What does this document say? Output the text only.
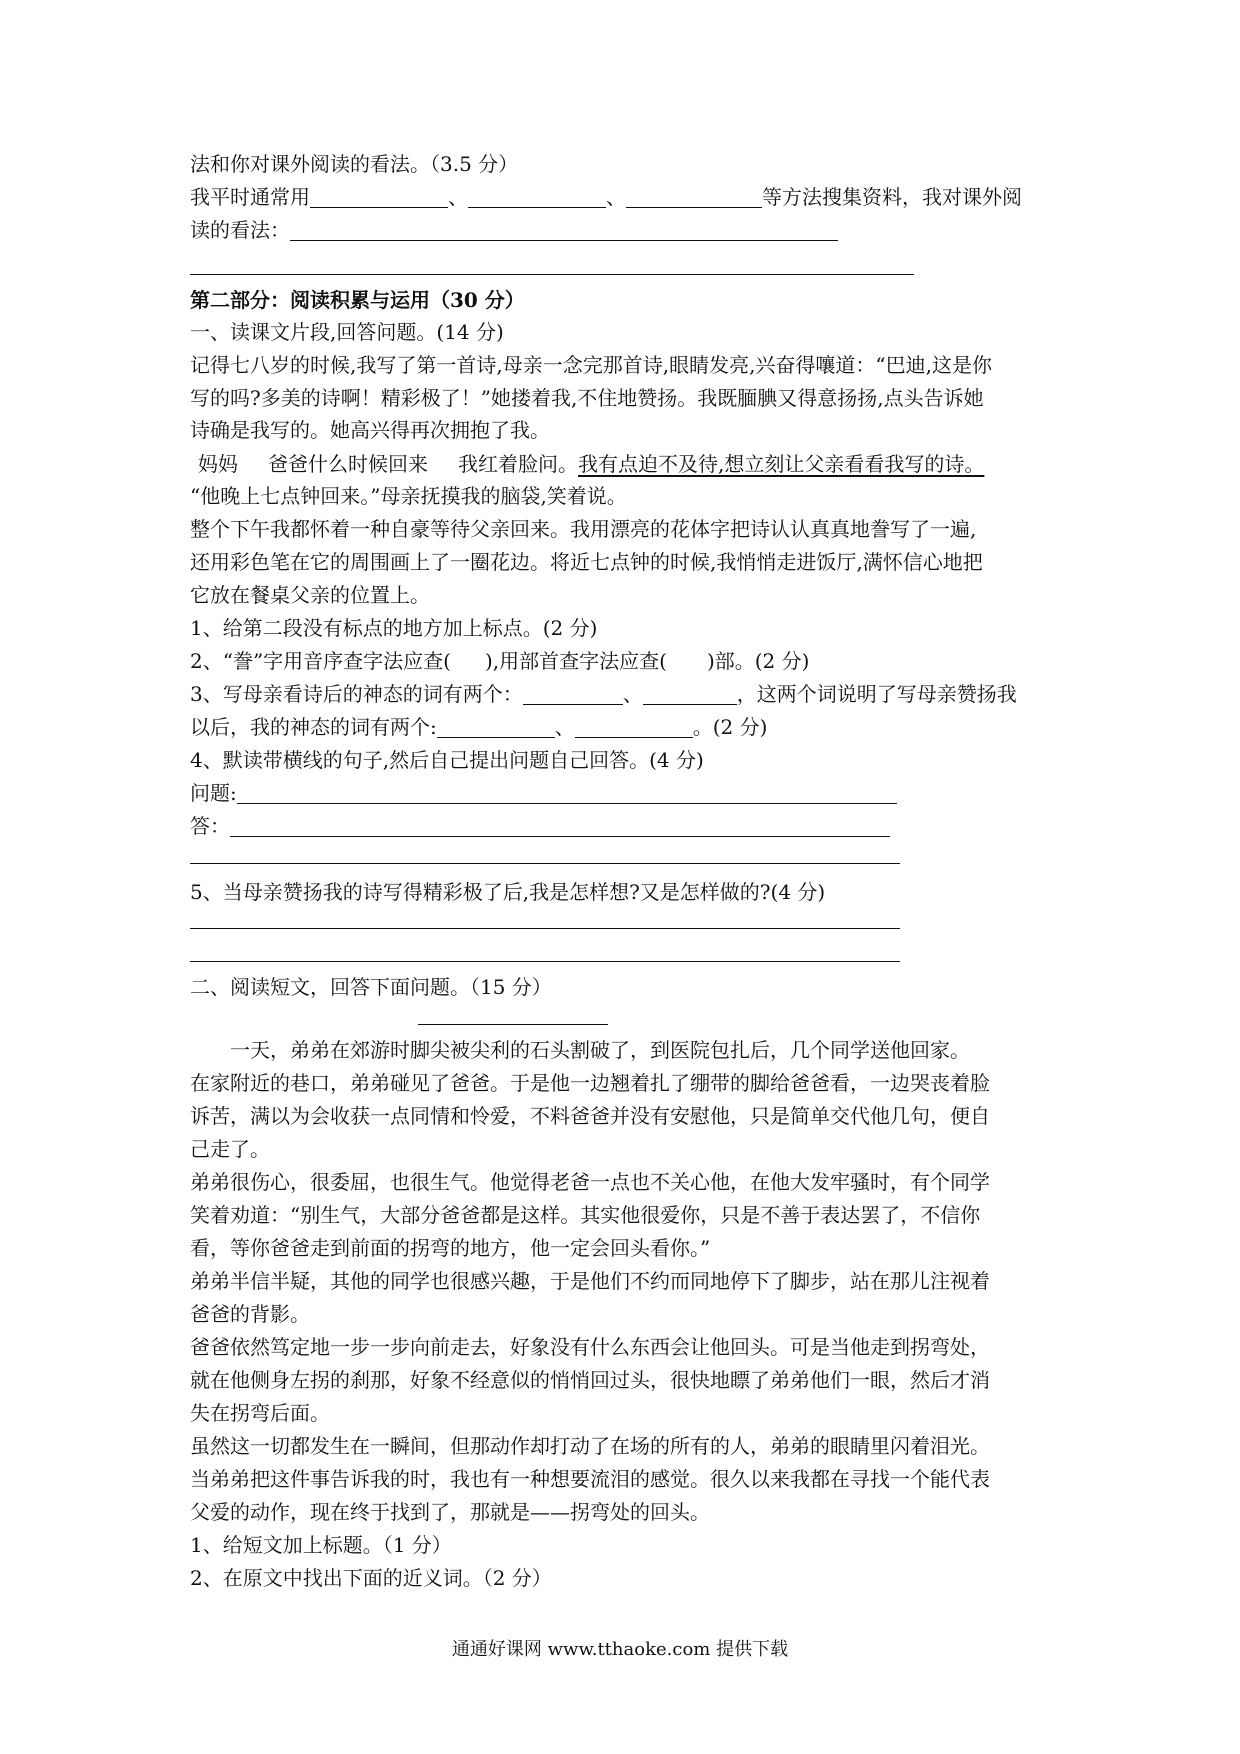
法和你对课外阅读的看法。（3.5 分）
我平时通常用	、	、	等方法搜集资料，我对课外阅
读的看法：
第二部分：阅读积累与运用（30 分）
一、读课文片段,回答问题。(14 分)
记得七八岁的时候,我写了第一首诗,母亲一念完那首诗,眼睛发亮,兴奋得嚷道：“巴迪,这是你
写的吗?多美的诗啊！精彩极了！”她搂着我,不住地赞扬。我既腼腆又得意扬扬,点头告诉她
诗确是我写的。她高兴得再次拥抱了我。
妈妈 爸爸什么时候回来 我红着脸问。我有点迫不及待,想立刻让父亲看看我写的诗。
“他晚上七点钟回来。”母亲抚摸我的脑袋,笑着说。
整个下午我都怀着一种自豪等待父亲回来。我用漂亮的花体字把诗认认真真地誊写了一遍,
还用彩色笔在它的周围画上了一圈花边。将近七点钟的时候,我悄悄走进饭厅,满怀信心地把
它放在餐桌父亲的位置上。
1、给第二段没有标点的地方加上标点。(2 分)
2、“誊”字用音序查字法应查( ),用部首查字法应查( )部。(2 分)
3、写母亲看诗后的神态的词有两个：	、	，这两个词说明了写母亲赞扬我
以后，我的神态的词有两个:	、	。(2 分)
4、默读带横线的句子,然后自己提出问题自己回答。(4 分)
问题:
答：
5、当母亲赞扬我的诗写得精彩极了后,我是怎样想?又是怎样做的?(4 分)
二、阅读短文，回答下面问题。（15 分）
一天，弟弟在郊游时脚尖被尖利的石头割破了，到医院包扎后，几个同学送他回家。
在家附近的巷口，弟弟碰见了爸爸。于是他一边翘着扎了绷带的脚给爸爸看，一边哭丧着脸
诉苦，满以为会收获一点同情和怜爱，不料爸爸并没有安慰他，只是简单交代他几句，便自
己走了。
弟弟很伤心，很委屈，也很生气。他觉得老爸一点也不关心他，在他大发牢骚时，有个同学
笑着劝道：“别生气，大部分爸爸都是这样。其实他很爱你，只是不善于表达罢了，不信你
看，等你爸爸走到前面的拐弯的地方，他一定会回头看你。”
弟弟半信半疑，其他的同学也很感兴趣，于是他们不约而同地停下了脚步，站在那儿注视着
爸爸的背影。
爸爸依然笃定地一步一步向前走去，好象没有什么东西会让他回头。可是当他走到拐弯处，
就在他侧身左拐的刹那，好象不经意似的悄悄回过头，很快地瞟了弟弟他们一眼，然后才消
失在拐弯后面。
虽然这一切都发生在一瞬间，但那动作却打动了在场的所有的人，弟弟的眼睛里闪着泪光。
当弟弟把这件事告诉我的时，我也有一种想要流泪的感觉。很久以来我都在寻找一个能代表
父爱的动作，现在终于找到了，那就是——拐弯处的回头。
1、给短文加上标题。（1 分）
2、在原文中找出下面的近义词。（2 分）
通通好课网 www.tthaoke.com 提供下载
